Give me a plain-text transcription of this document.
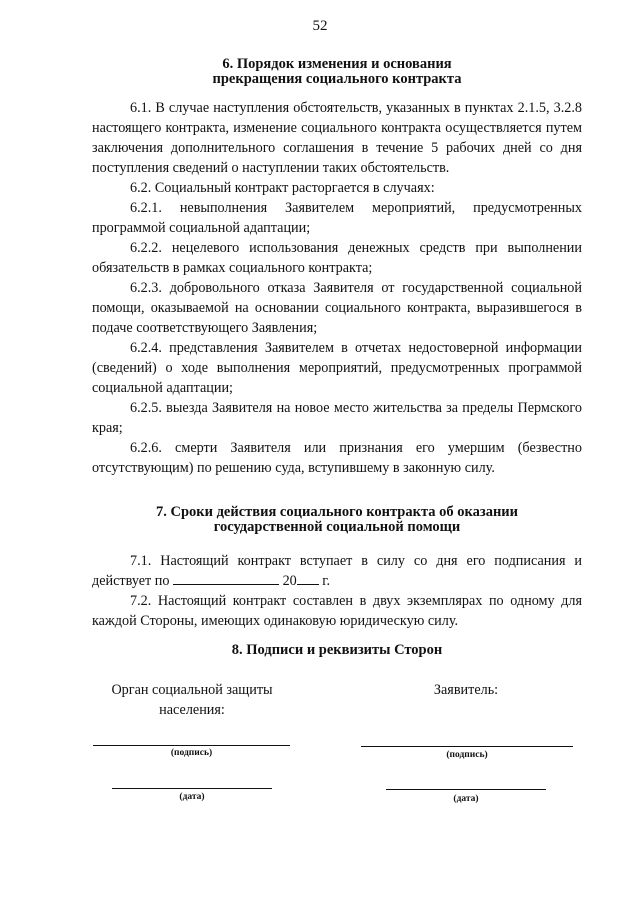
52
6. Порядок изменения и основания
прекращения социального контракта

6.1. В случае наступления обстоятельств, указанных в пунктах 2.1.5, 3.2.8 настоящего контракта, изменение социального контракта осуществляется путем заключения дополнительного соглашения в течение 5 рабочих дней со дня поступления сведений о наступлении таких обстоятельств.

6.2. Социальный контракт расторгается в случаях:

6.2.1. невыполнения Заявителем мероприятий, предусмотренных программой социальной адаптации;

6.2.2. нецелевого использования денежных средств при выполнении обязательств в рамках социального контракта;

6.2.3. добровольного отказа Заявителя от государственной социальной помощи, оказываемой на основании социального контракта, выразившегося в подаче соответствующего Заявления;

6.2.4. представления Заявителем в отчетах недостоверной информации (сведений) о ходе выполнения мероприятий, предусмотренных программой социальной адаптации;

6.2.5. выезда Заявителя на новое место жительства за пределы Пермского края;

6.2.6. смерти Заявителя или признания его умершим (безвестно отсутствующим) по решению суда, вступившему в законную силу.

7. Сроки действия социального контракта об оказании
государственной социальной помощи

7.1. Настоящий контракт вступает в силу со дня его подписания и действует по	20 г.

7.2. Настоящий контракт составлен в двух экземплярах по одному для каждой Стороны, имеющих одинаковую юридическую силу.

8. Подписи и реквизиты Сторон
Орган социальной защиты
населения:
Заявитель:
(подпись)	(подпись)
(дата)	(дата)
